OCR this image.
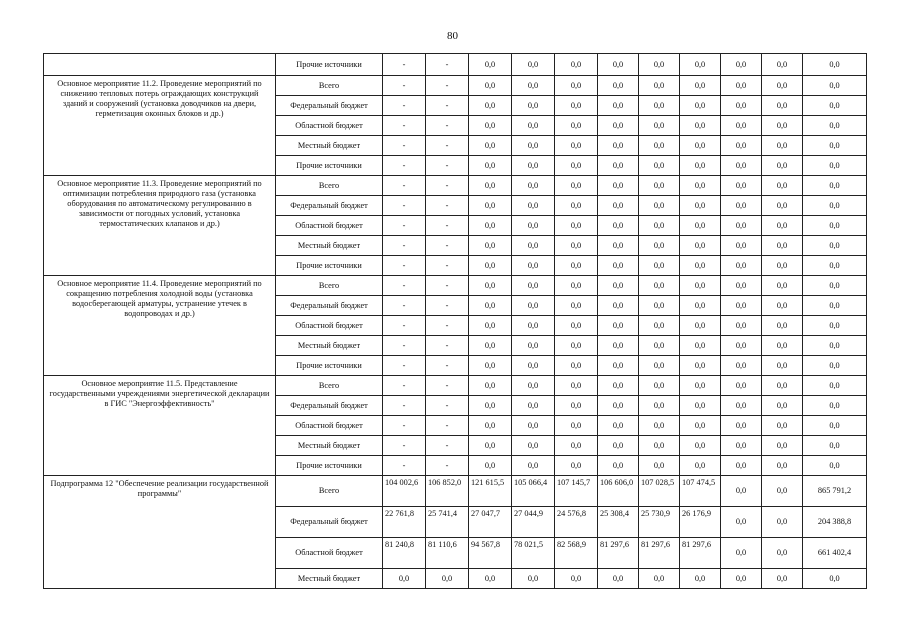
80
	Прочие источники	-	-	0,0	0,0	0,0	0,0	0,0	0,0	0,0	0,0	0,0
Основное мероприятие 11.2. Проведение мероприятий по снижению тепловых потерь ограждающих конструкций зданий и сооружений (установка доводчиков на двери, герметизация оконных блоков и др.)	Всего	-	-	0,0	0,0	0,0	0,0	0,0	0,0	0,0	0,0	0,0
	Федеральный бюджет	-	-	0,0	0,0	0,0	0,0	0,0	0,0	0,0	0,0	0,0
	Областной бюджет	-	-	0,0	0,0	0,0	0,0	0,0	0,0	0,0	0,0	0,0
	Местный бюджет	-	-	0,0	0,0	0,0	0,0	0,0	0,0	0,0	0,0	0,0
	Прочие источники	-	-	0,0	0,0	0,0	0,0	0,0	0,0	0,0	0,0	0,0
Основное мероприятие 11.3. Проведение мероприятий по оптимизации потребления природного газа (установка оборудования по автоматическому регулированию в зависимости от погодных условий, установка термостатических клапанов и др.)	Всего	-	-	0,0	0,0	0,0	0,0	0,0	0,0	0,0	0,0	0,0
	Федеральный бюджет	-	-	0,0	0,0	0,0	0,0	0,0	0,0	0,0	0,0	0,0
	Областной бюджет	-	-	0,0	0,0	0,0	0,0	0,0	0,0	0,0	0,0	0,0
	Местный бюджет	-	-	0,0	0,0	0,0	0,0	0,0	0,0	0,0	0,0	0,0
	Прочие источники	-	-	0,0	0,0	0,0	0,0	0,0	0,0	0,0	0,0	0,0
Основное мероприятие 11.4. Проведение мероприятий по сокращению потребления холодной воды (установка водосберегающей арматуры, устранение утечек в водопроводах и др.)	Всего	-	-	0,0	0,0	0,0	0,0	0,0	0,0	0,0	0,0	0,0
	Федеральный бюджет	-	-	0,0	0,0	0,0	0,0	0,0	0,0	0,0	0,0	0,0
	Областной бюджет	-	-	0,0	0,0	0,0	0,0	0,0	0,0	0,0	0,0	0,0
	Местный бюджет	-	-	0,0	0,0	0,0	0,0	0,0	0,0	0,0	0,0	0,0
	Прочие источники	-	-	0,0	0,0	0,0	0,0	0,0	0,0	0,0	0,0	0,0
Основное мероприятие 11.5. Представление государственными учреждениями энергетической декларации в ГИС "Энергоэффективность"	Всего	-	-	0,0	0,0	0,0	0,0	0,0	0,0	0,0	0,0	0,0
	Федеральный бюджет	-	-	0,0	0,0	0,0	0,0	0,0	0,0	0,0	0,0	0,0
	Областной бюджет	-	-	0,0	0,0	0,0	0,0	0,0	0,0	0,0	0,0	0,0
	Местный бюджет	-	-	0,0	0,0	0,0	0,0	0,0	0,0	0,0	0,0	0,0
	Прочие источники	-	-	0,0	0,0	0,0	0,0	0,0	0,0	0,0	0,0	0,0
Подпрограмма 12 "Обеспечение реализации государственной программы"	Всего	104 002,6	106 852,0	121 615,5	105 066,4	107 145,7	106 606,0	107 028,5	107 474,5	0,0	0,0	865 791,2
	Федеральный бюджет	22 761,8	25 741,4	27 047,7	27 044,9	24 576,8	25 308,4	25 730,9	26 176,9	0,0	0,0	204 388,8
	Областной бюджет	81 240,8	81 110,6	94 567,8	78 021,5	82 568,9	81 297,6	81 297,6	81 297,6	0,0	0,0	661 402,4
	Местный бюджет	0,0	0,0	0,0	0,0	0,0	0,0	0,0	0,0	0,0	0,0	0,0
